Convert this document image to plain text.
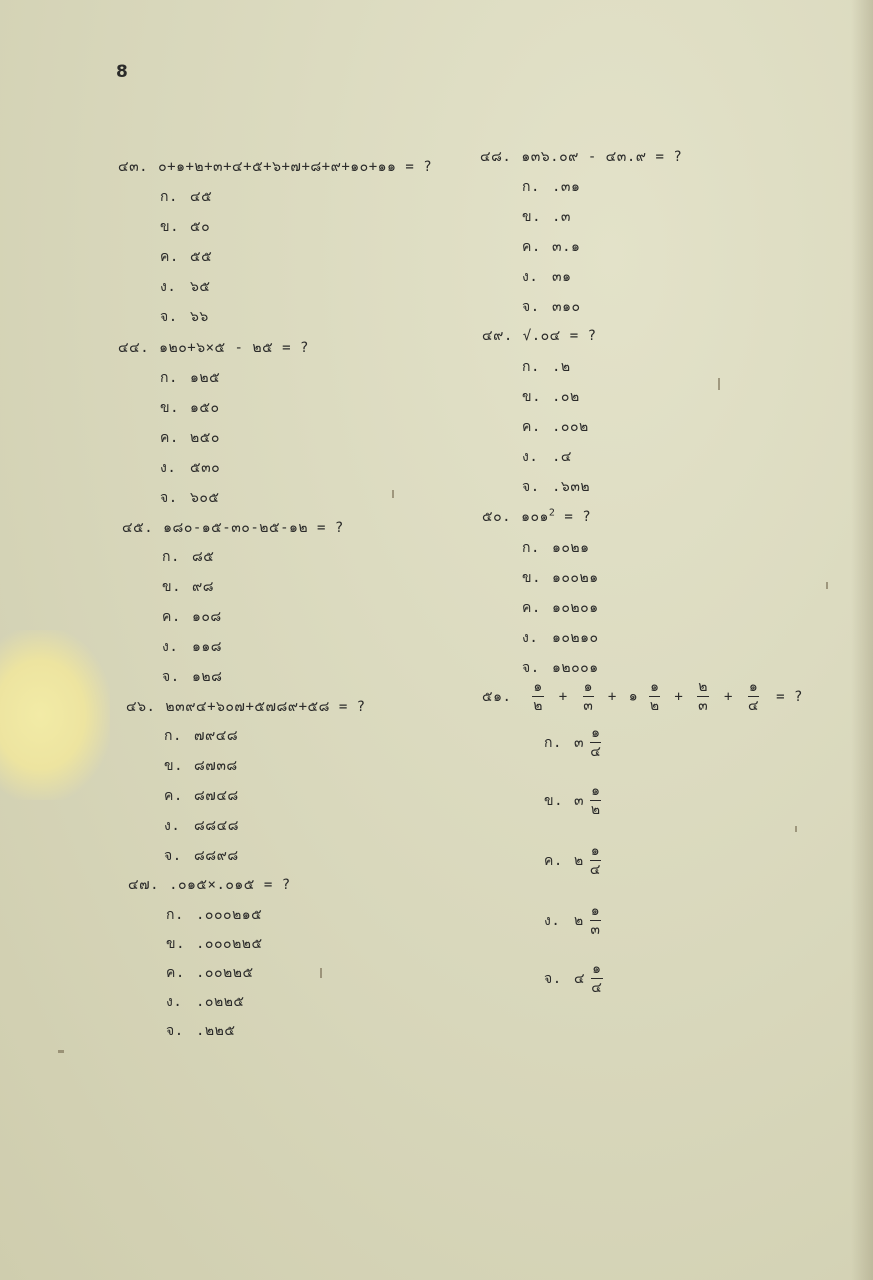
8
๔๓. ๐+๑+๒+๓+๔+๕+๖+๗+๘+๙+๑๐+๑๑ = ?
ก. ๔๕
ข. ๕๐
ค. ๕๕
ง. ๖๕
จ. ๖๖
๔๔. ๑๒๐+๖×๕ - ๒๕ = ?
ก. ๑๒๕
ข. ๑๕๐
ค. ๒๕๐
ง. ๕๓๐
จ. ๖๐๕
๔๕. ๑๘๐-๑๕-๓๐-๒๕-๑๒ = ?
ก. ๘๕
ข. ๙๘
ค. ๑๐๘
ง. ๑๑๘
จ. ๑๒๘
๔๖. ๒๓๙๔+๖๐๗+๕๗๘๙+๕๘ = ?
ก. ๗๙๔๘
ข. ๘๗๓๘
ค. ๘๗๔๘
ง. ๘๘๔๘
จ. ๘๘๙๘
๔๗. .๐๑๕×.๐๑๕ = ?
ก. .๐๐๐๒๑๕
ข. .๐๐๐๒๒๕
ค. .๐๐๒๒๕
ง. .๐๒๒๕
จ. .๒๒๕
๔๘. ๑๓๖.๐๙ - ๔๓.๙ = ?
ก. .๓๑
ข. .๓
ค. ๓.๑
ง. ๓๑
จ. ๓๑๐
๔๙. √.๐๔ = ?
ก. .๒
ข. .๐๒
ค. .๐๐๒
ง. .๔
จ. .๖๓๒
๕๐. ๑๐๑$^2$ = ?
ก. ๑๐๒๑
ข. ๑๐๐๒๑
ค. ๑๐๒๐๑
ง. ๑๐๒๑๐
จ. ๑๒๐๐๑
๕๑. $\frac{๑}{๒} + \frac{๑}{๓}$ + ๑ $\frac{๑}{๒} + \frac{๒}{๓} + \frac{๑}{๔}$ = ?
ก. ๓ $\frac{๑}{๔}$
ข. ๓ $\frac{๑}{๒}$
ค. ๒ $\frac{๑}{๔}$
ง. ๒ $\frac{๑}{๓}$
จ. ๔ $\frac{๑}{๔}$
